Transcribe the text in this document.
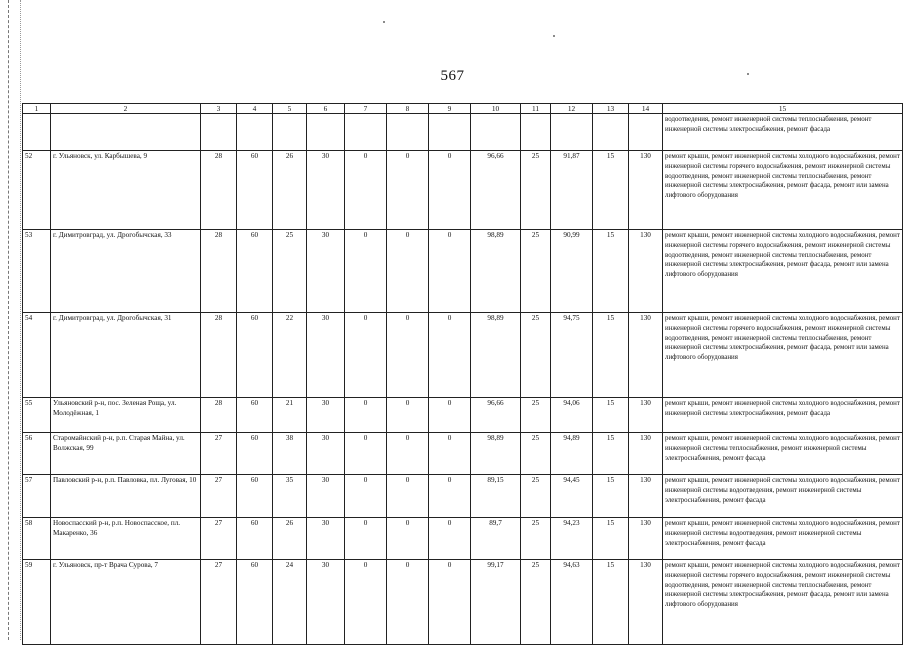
567
1	2	3	4	5	6	7	8	9	10	11	12	13	14	15
														водоотведения, ремонт инженерной системы теплоснабжения, ремонт инженерной системы электроснабжения, ремонт фасада
52	г. Ульяновск, ул. Карбышева, 9	28	60	26	30	0	0	0	96,66	25	91,87	15	130	ремонт крыши, ремонт инженерной системы холодного водоснабжения, ремонт инженерной системы горячего водоснабжения, ремонт инженерной системы водоотведения, ремонт инженерной системы теплоснабжения, ремонт инженерной системы электроснабжения, ремонт фасада, ремонт или замена лифтового оборудования
53	г. Димитровград, ул. Дрогобычская, 33	28	60	25	30	0	0	0	98,89	25	90,99	15	130	ремонт крыши, ремонт инженерной системы холодного водоснабжения, ремонт инженерной системы горячего водоснабжения, ремонт инженерной системы водоотведения, ремонт инженерной системы теплоснабжения, ремонт инженерной системы электроснабжения, ремонт фасада, ремонт или замена лифтового оборудования
54	г. Димитровград, ул. Дрогобычская, 31	28	60	22	30	0	0	0	98,89	25	94,75	15	130	ремонт крыши, ремонт инженерной системы холодного водоснабжения, ремонт инженерной системы горячего водоснабжения, ремонт инженерной системы водоотведения, ремонт инженерной системы теплоснабжения, ремонт инженерной системы электроснабжения, ремонт фасада, ремонт или замена лифтового оборудования
55	Ульяновский р-н, пос. Зеленая Роща, ул. Молодёжная, 1	28	60	21	30	0	0	0	96,66	25	94,06	15	130	ремонт крыши, ремонт инженерной системы холодного водоснабжения, ремонт инженерной системы электроснабжения, ремонт фасада
56	Старомайнский р-н, р.п. Старая Майна, ул. Волжская, 99	27	60	38	30	0	0	0	98,89	25	94,89	15	130	ремонт крыши, ремонт инженерной системы холодного водоснабжения, ремонт инженерной системы теплоснабжения, ремонт инженерной системы электроснабжения, ремонт фасада
57	Павловский р-н, р.п. Павловка, пл. Луговая, 10	27	60	35	30	0	0	0	89,15	25	94,45	15	130	ремонт крыши, ремонт инженерной системы холодного водоснабжения, ремонт инженерной системы водоотведения, ремонт инженерной системы электроснабжения, ремонт фасада
58	Новоспасский р-н, р.п. Новоспасское, пл. Макаренко, 36	27	60	26	30	0	0	0	89,7	25	94,23	15	130	ремонт крыши, ремонт инженерной системы холодного водоснабжения, ремонт инженерной системы водоотведения, ремонт инженерной системы электроснабжения, ремонт фасада
59	г. Ульяновск, пр-т Врача Сурова, 7	27	60	24	30	0	0	0	99,17	25	94,63	15	130	ремонт крыши, ремонт инженерной системы холодного водоснабжения, ремонт инженерной системы горячего водоснабжения, ремонт инженерной системы водоотведения, ремонт инженерной системы теплоснабжения, ремонт инженерной системы электроснабжения, ремонт фасада, ремонт или замена лифтового оборудования
